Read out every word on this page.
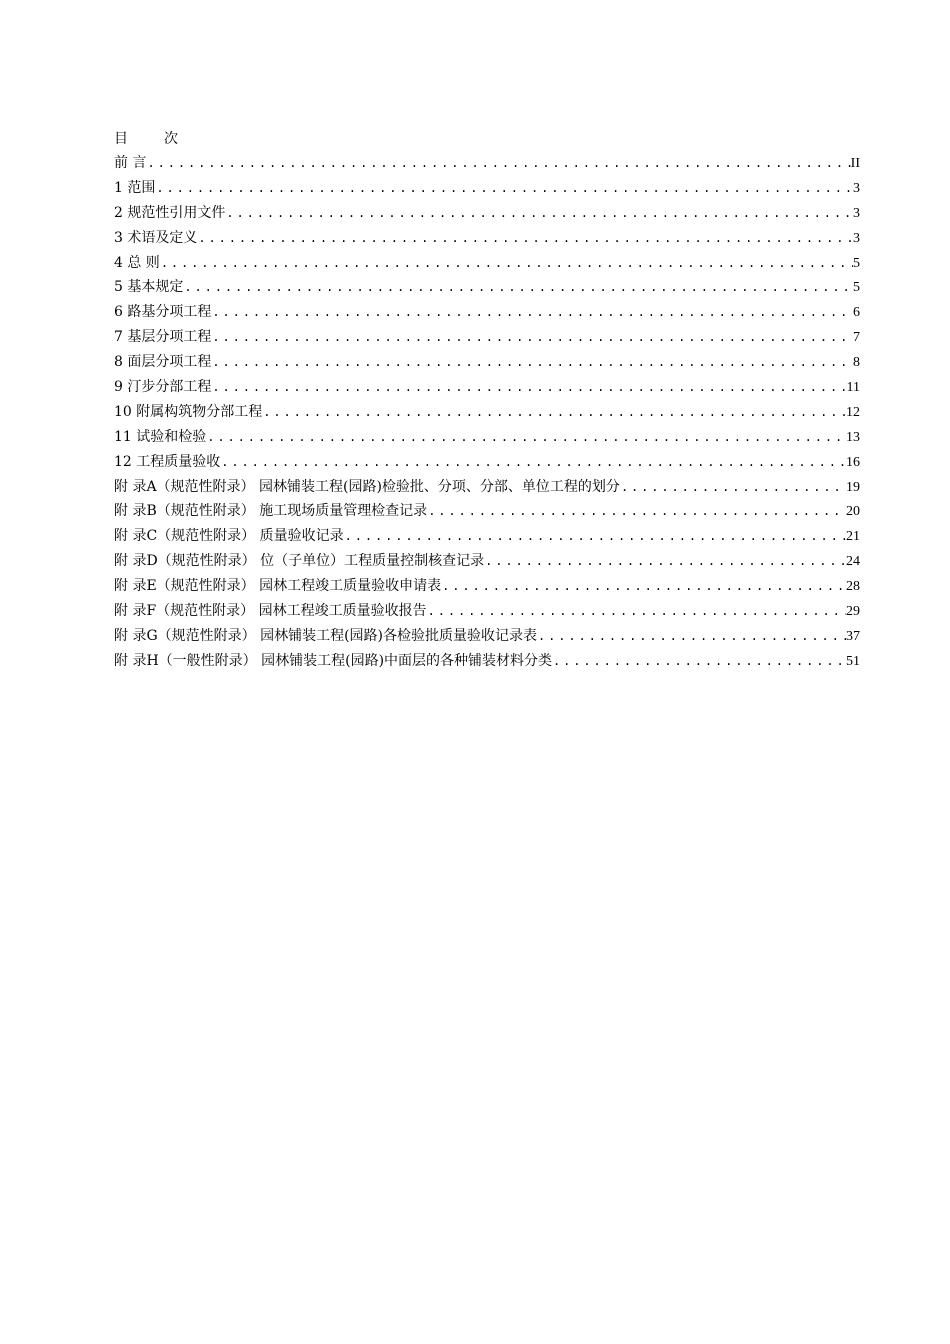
目	次
前 言 .....	II
1 范围 .....	3
2 规范性引用文件 .....	3
3 术语及定义 .....	3
4 总 则 .....	5
5 基本规定 .....	5
6 路基分项工程 .....	6
7 基层分项工程 .....	7
8 面层分项工程 .....	8
9 汀步分部工程 .....	11
10 附属构筑物分部工程 .....	12
11 试验和检验 .....	13
12 工程质量验收 .....	16
附 录A（规范性附录） 园林铺装工程(园路)检验批、分项、分部、单位工程的划分 .....	19
附 录B（规范性附录） 施工现场质量管理检查记录 .....	20
附 录C（规范性附录） 质量验收记录 .....	21
附 录D（规范性附录） 位（子单位）工程质量控制核查记录 .....	24
附 录E（规范性附录） 园林工程竣工质量验收申请表 .....	28
附 录F（规范性附录） 园林工程竣工质量验收报告 .....	29
附 录G（规范性附录） 园林铺装工程(园路)各检验批质量验收记录表 .....	37
附 录H（一般性附录） 园林铺装工程(园路)中面层的各种铺装材料分类 .....	51
